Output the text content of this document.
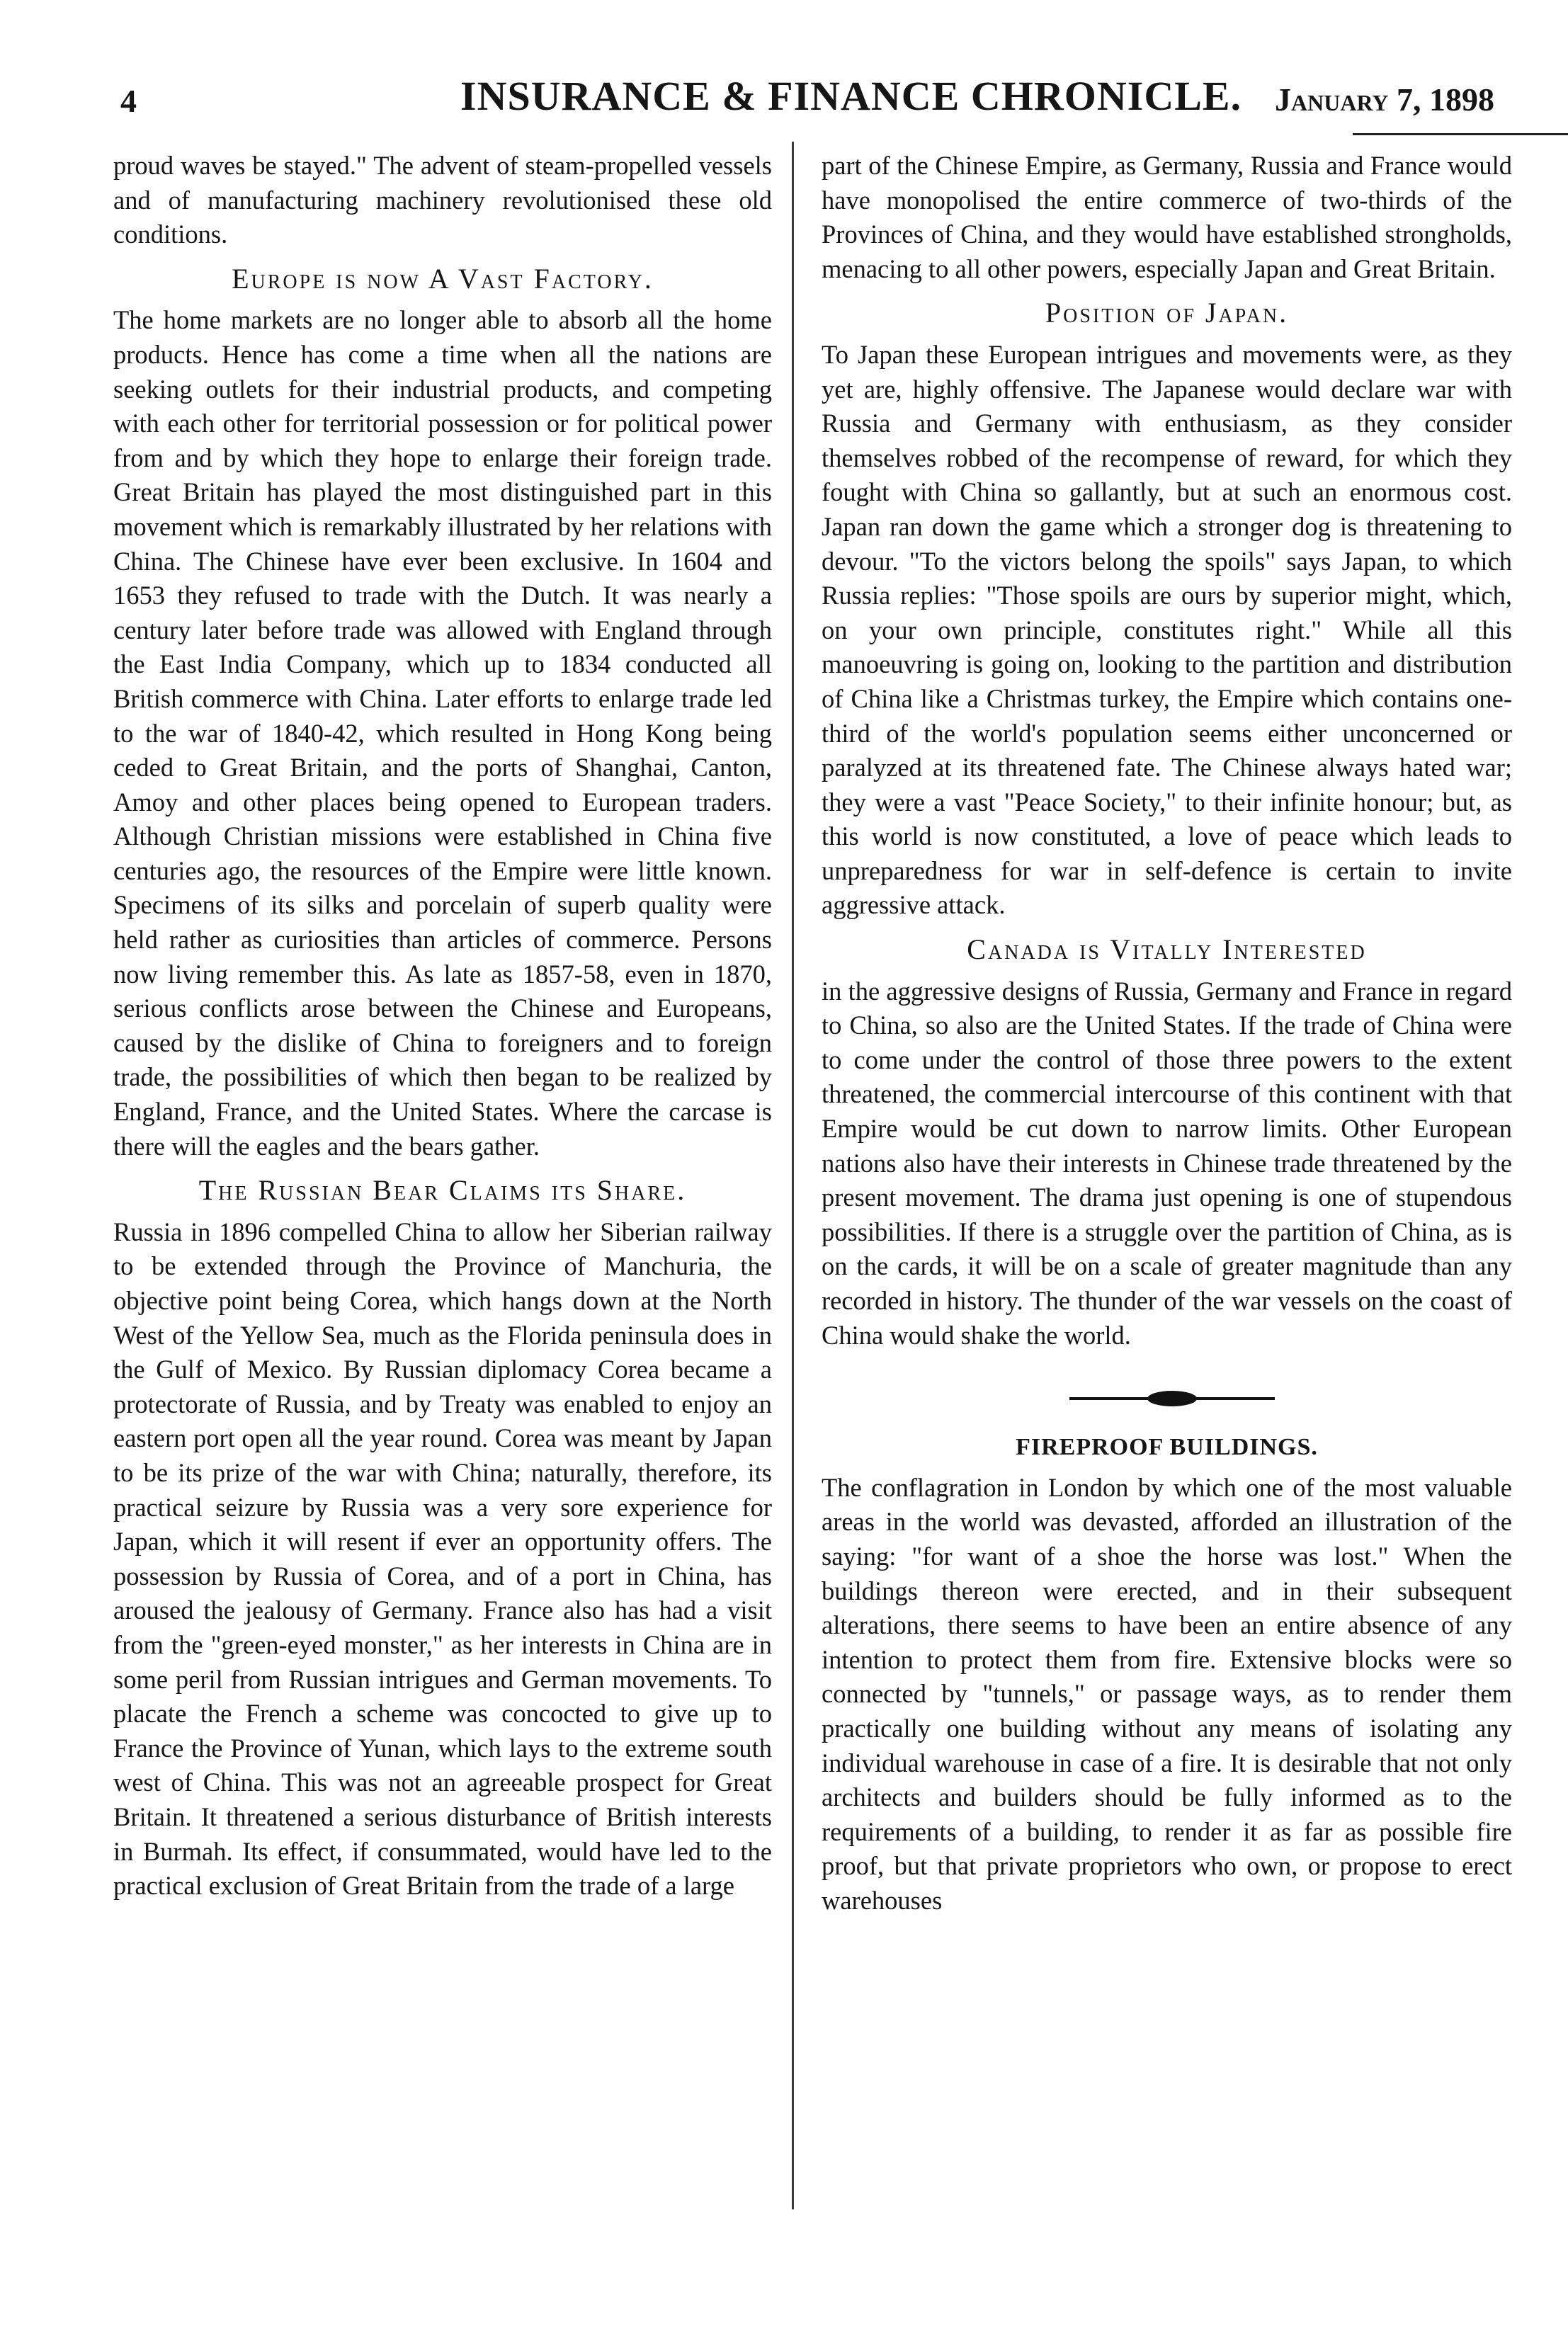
4	INSURANCE & FINANCE CHRONICLE. January 7, 1898

proud waves be stayed." The advent of steam-propelled vessels and of manufacturing machinery revolutionised these old conditions.

Europe is now A Vast Factory.

The home markets are no longer able to absorb all the home products. Hence has come a time when all the nations are seeking outlets for their industrial products, and competing with each other for territorial possession or for political power from and by which they hope to enlarge their foreign trade. Great Britain has played the most distinguished part in this movement which is remarkably illustrated by her relations with China. The Chinese have ever been exclusive. In 1604 and 1653 they refused to trade with the Dutch. It was nearly a century later before trade was allowed with England through the East India Company, which up to 1834 conducted all British commerce with China. Later efforts to enlarge trade led to the war of 1840-42, which resulted in Hong Kong being ceded to Great Britain, and the ports of Shanghai, Canton, Amoy and other places being opened to European traders. Although Christian missions were established in China five centuries ago, the resources of the Empire were little known. Specimens of its silks and porcelain of superb quality were held rather as curiosities than articles of commerce. Persons now living remember this. As late as 1857-58, even in 1870, serious conflicts arose between the Chinese and Europeans, caused by the dislike of China to foreigners and to foreign trade, the possibilities of which then began to be realized by England, France, and the United States. Where the carcase is there will the eagles and the bears gather.

The Russian Bear Claims its Share.

Russia in 1896 compelled China to allow her Siberian railway to be extended through the Province of Manchuria, the objective point being Corea, which hangs down at the North West of the Yellow Sea, much as the Florida peninsula does in the Gulf of Mexico. By Russian diplomacy Corea became a protectorate of Russia, and by Treaty was enabled to enjoy an eastern port open all the year round. Corea was meant by Japan to be its prize of the war with China; naturally, therefore, its practical seizure by Russia was a very sore experience for Japan, which it will resent if ever an opportunity offers. The possession by Russia of Corea, and of a port in China, has aroused the jealousy of Germany. France also has had a visit from the "green-eyed monster," as her interests in China are in some peril from Russian intrigues and German movements. To placate the French a scheme was concocted to give up to France the Province of Yunan, which lays to the extreme south west of China. This was not an agreeable prospect for Great Britain. It threatened a serious disturbance of British interests in Burmah. Its effect, if consummated, would have led to the practical exclusion of Great Britain from the trade of a large

part of the Chinese Empire, as Germany, Russia and France would have monopolised the entire commerce of two-thirds of the Provinces of China, and they would have established strongholds, menacing to all other powers, especially Japan and Great Britain.

Position of Japan.

To Japan these European intrigues and movements were, as they yet are, highly offensive. The Japanese would declare war with Russia and Germany with enthusiasm, as they consider themselves robbed of the recompense of reward, for which they fought with China so gallantly, but at such an enormous cost. Japan ran down the game which a stronger dog is threatening to devour. "To the victors belong the spoils" says Japan, to which Russia replies: "Those spoils are ours by superior might, which, on your own principle, constitutes right." While all this manoeuvring is going on, looking to the partition and distribution of China like a Christmas turkey, the Empire which contains one-third of the world's population seems either unconcerned or paralyzed at its threatened fate. The Chinese always hated war; they were a vast "Peace Society," to their infinite honour; but, as this world is now constituted, a love of peace which leads to unpreparedness for war in self-defence is certain to invite aggressive attack.

Canada is Vitally Interested

in the aggressive designs of Russia, Germany and France in regard to China, so also are the United States. If the trade of China were to come under the control of those three powers to the extent threatened, the commercial intercourse of this continent with that Empire would be cut down to narrow limits. Other European nations also have their interests in Chinese trade threatened by the present movement. The drama just opening is one of stupendous possibilities. If there is a struggle over the partition of China, as is on the cards, it will be on a scale of greater magnitude than any recorded in history. The thunder of the war vessels on the coast of China would shake the world.

FIREPROOF BUILDINGS.

The conflagration in London by which one of the most valuable areas in the world was devasted, afforded an illustration of the saying: "for want of a shoe the horse was lost." When the buildings thereon were erected, and in their subsequent alterations, there seems to have been an entire absence of any intention to protect them from fire. Extensive blocks were so connected by "tunnels," or passage ways, as to render them practically one building without any means of isolating any individual warehouse in case of a fire. It is desirable that not only architects and builders should be fully informed as to the requirements of a building, to render it as far as possible fire proof, but that private proprietors who own, or propose to erect warehouses
